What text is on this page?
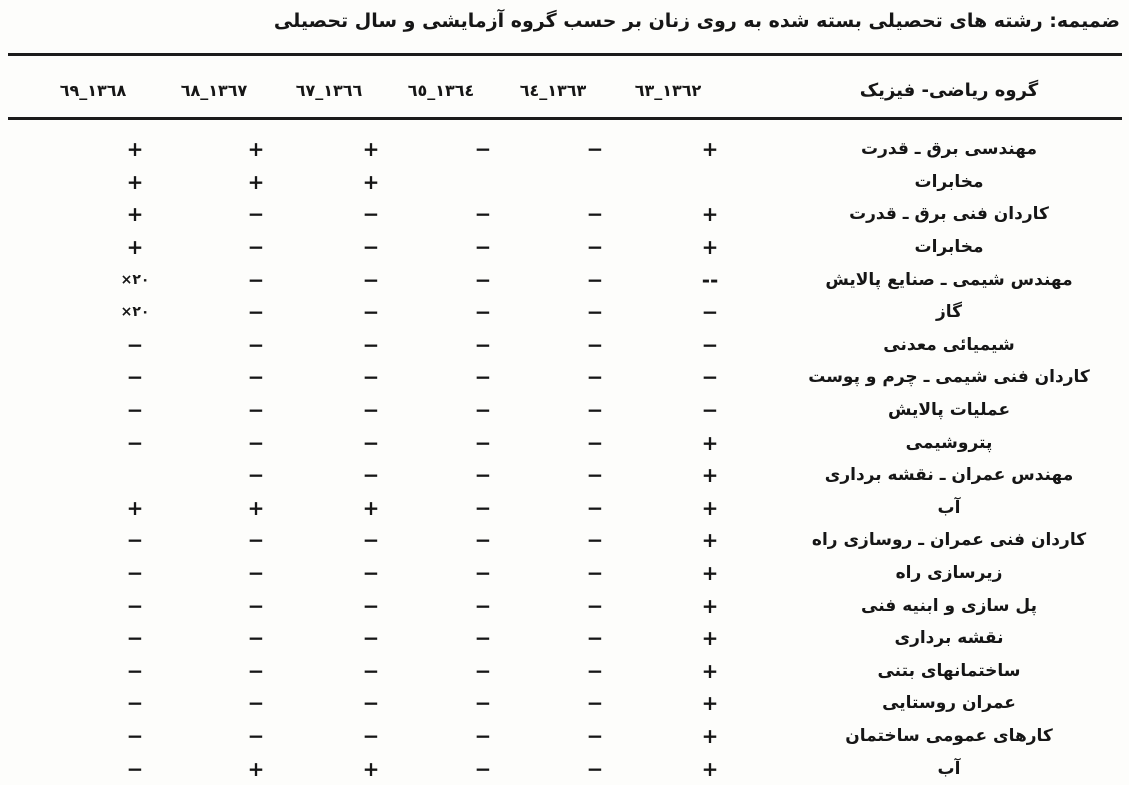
ضمیمه: رشته های تحصیلی بسته شده به روی زنان بر حسب گروه آزمایشی و سال تحصیلی
گروه ریاضی- فیزیک
١٣٦٢_٦٣
١٣٦٣_٦٤
١٣٦٤_٦٥
١٣٦٦_٦٧
١٣٦٧_٦٨
١٣٦٨_٦٩
مهندسی برق ـ قدرت
+
−
−
+
+
+
مخابرات
+
+
+
کاردان فنی برق ـ قدرت
+
−
−
−
−
+
مخابرات
+
−
−
−
−
+
مهندس شیمی ـ صنایع پالایش
--
−
−
−
−
×٢٠
گاز
−
−
−
−
−
×٢٠
شیمیائی معدنی
−
−
−
−
−
−
کاردان فنی شیمی ـ چرم و پوست
−
−
−
−
−
−
عملیات پالایش
−
−
−
−
−
−
پتروشیمی
+
−
−
−
−
−
مهندس عمران ـ نقشه برداری
+
−
−
−
−
آب
+
−
−
+
+
+
کاردان فنی عمران ـ روسازی راه
+
−
−
−
−
−
زیرسازی راه
+
−
−
−
−
−
پل سازی و ابنیه فنی
+
−
−
−
−
−
نقشه برداری
+
−
−
−
−
−
ساختمانهای بتنی
+
−
−
−
−
−
عمران روستایی
+
−
−
−
−
−
کارهای عمومی ساختمان
+
−
−
−
−
−
آب
+
−
−
+
+
−
